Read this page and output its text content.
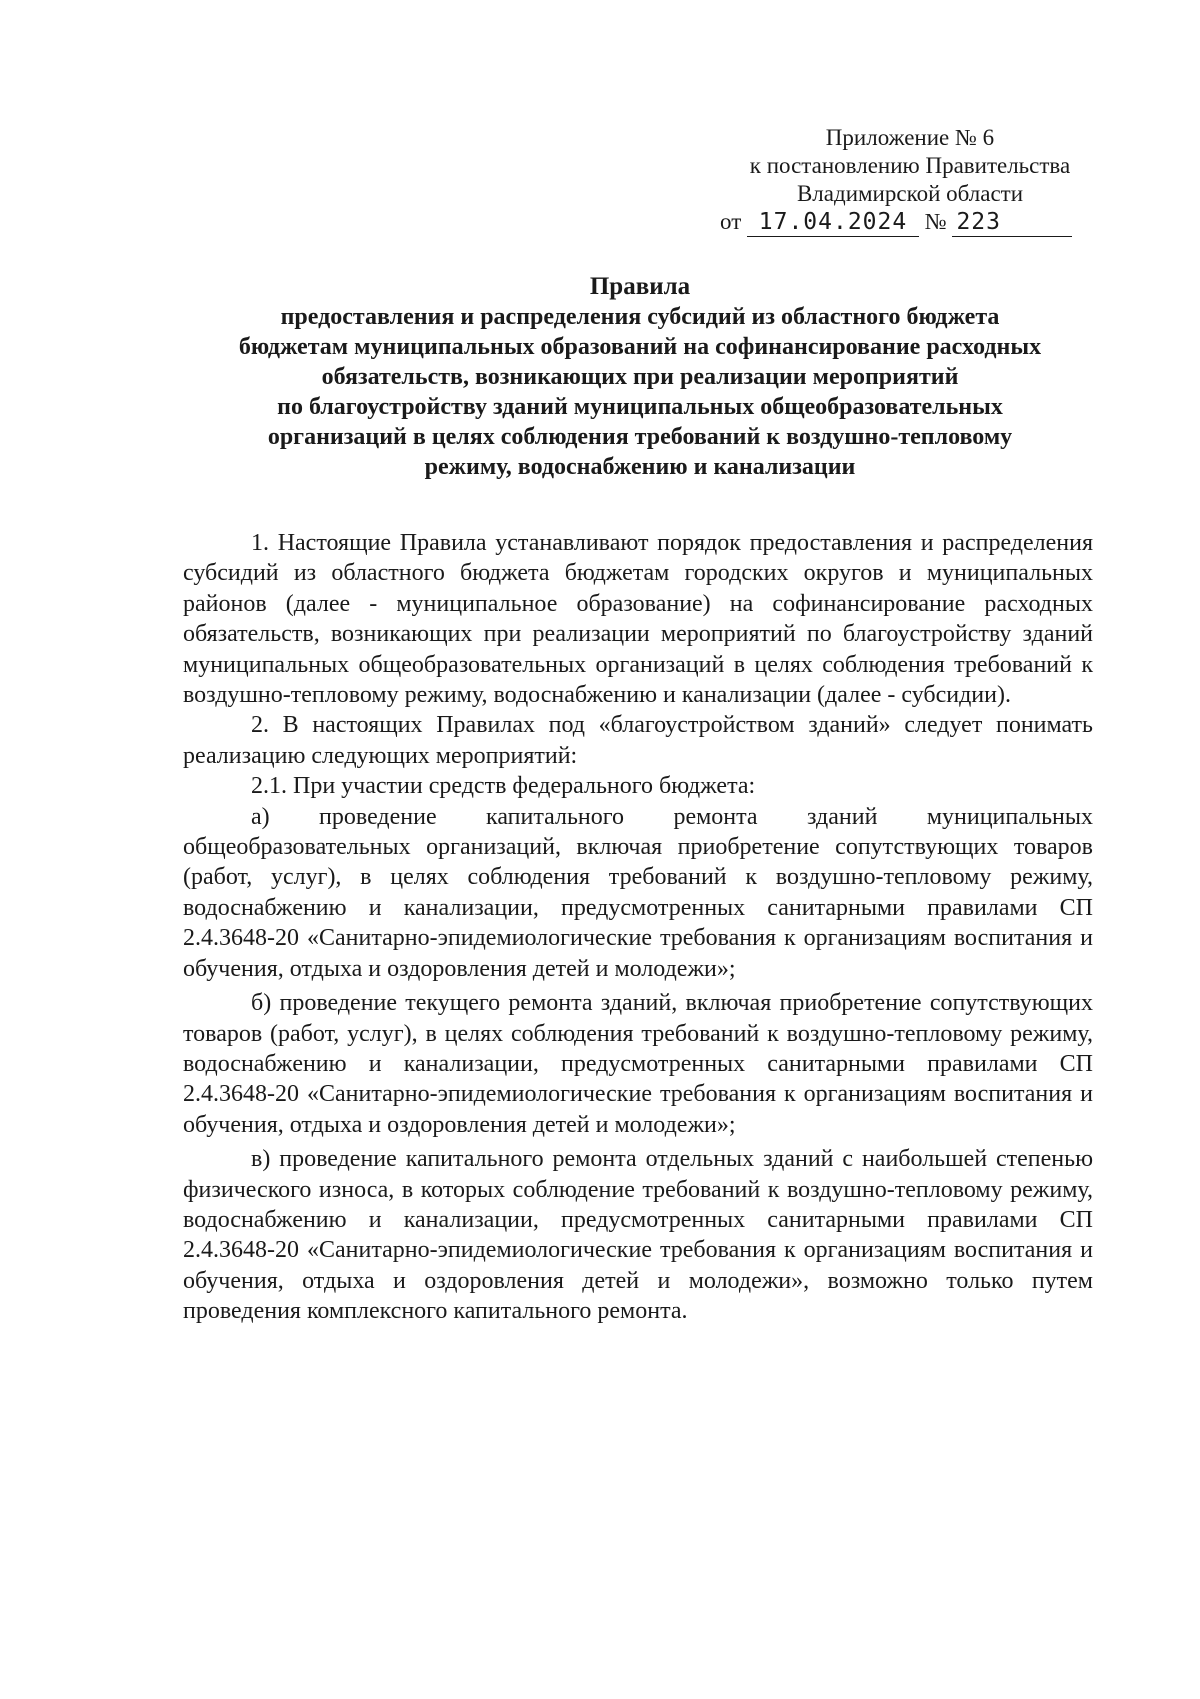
Приложение № 6
к постановлению Правительства
Владимирской области
от 17.04.2024 № 223
Правила
предоставления и распределения субсидий из областного бюджета
бюджетам муниципальных образований на софинансирование расходных
обязательств, возникающих при реализации мероприятий
по благоустройству зданий муниципальных общеобразовательных
организаций в целях соблюдения требований к воздушно-тепловому
режиму, водоснабжению и канализации

1. Настоящие Правила устанавливают порядок предоставления и распределения субсидий из областного бюджета бюджетам городских округов и муниципальных районов (далее - муниципальное образование) на софинансирование расходных обязательств, возникающих при реализации мероприятий по благоустройству зданий муниципальных общеобразовательных организаций в целях соблюдения требований к воздушно-тепловому режиму, водоснабжению и канализации (далее - субсидии).

2. В настоящих Правилах под «благоустройством зданий» следует понимать реализацию следующих мероприятий:

2.1. При участии средств федерального бюджета:

а) проведение капитального ремонта зданий муниципальных общеобразовательных организаций, включая приобретение сопутствующих товаров (работ, услуг), в целях соблюдения требований к воздушно-тепловому режиму, водоснабжению и канализации, предусмотренных санитарными правилами СП 2.4.3648-20 «Санитарно-эпидемиологические требования к организациям воспитания и обучения, отдыха и оздоровления детей и молодежи»;

б) проведение текущего ремонта зданий, включая приобретение сопутствующих товаров (работ, услуг), в целях соблюдения требований к воздушно-тепловому режиму, водоснабжению и канализации, предусмотренных санитарными правилами СП 2.4.3648-20 «Санитарно-эпидемиологические требования к организациям воспитания и обучения, отдыха и оздоровления детей и молодежи»;

в) проведение капитального ремонта отдельных зданий с наибольшей степенью физического износа, в которых соблюдение требований к воздушно-тепловому режиму, водоснабжению и канализации, предусмотренных санитарными правилами СП 2.4.3648-20 «Санитарно-эпидемиологические требования к организациям воспитания и обучения, отдыха и оздоровления детей и молодежи», возможно только путем проведения комплексного капитального ремонта.
